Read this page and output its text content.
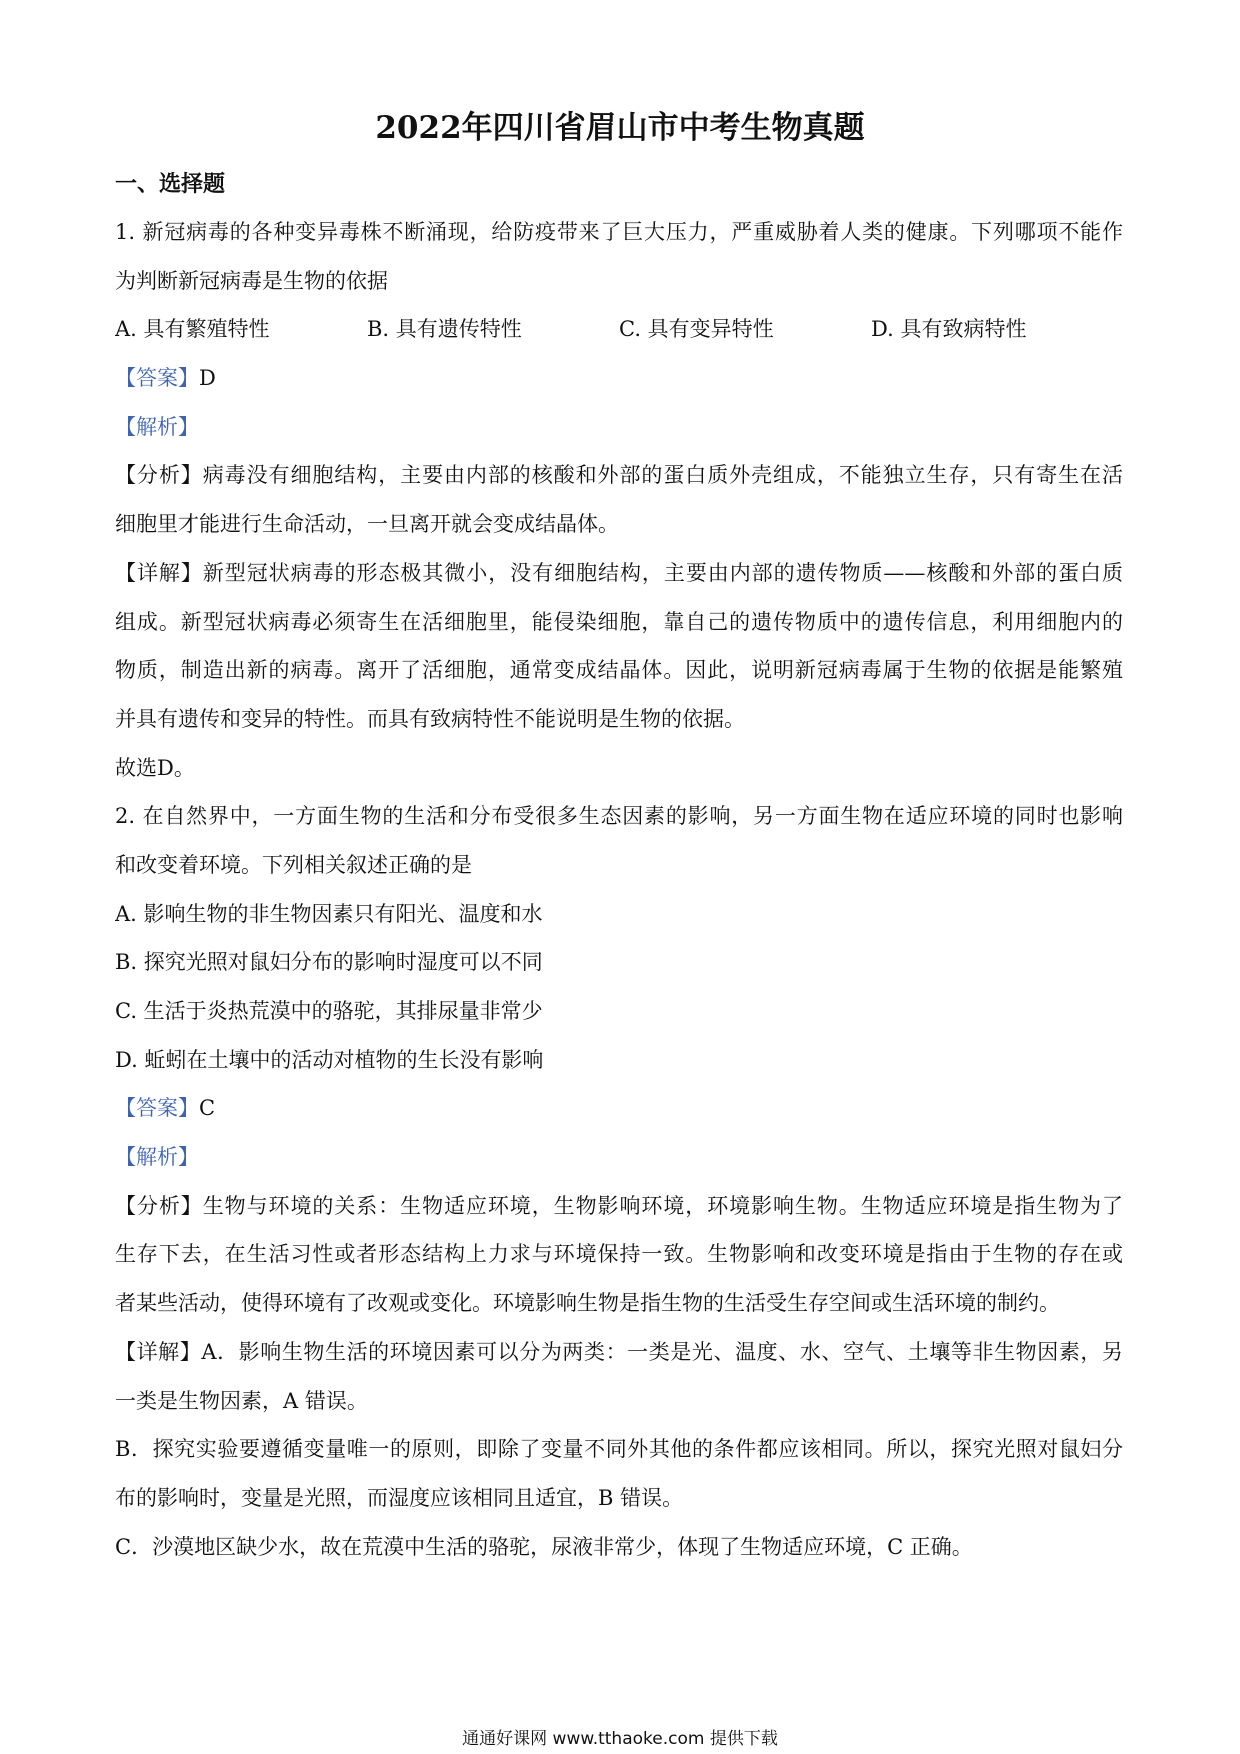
2022年四川省眉山市中考生物真题
一、选择题
1. 新冠病毒的各种变异毒株不断涌现，给防疫带来了巨大压力，严重威胁着人类的健康。下列哪项不能作
为判断新冠病毒是生物的依据
A. 具有繁殖特性	B. 具有遗传特性	C. 具有变异特性	D. 具有致病特性
【答案】D
【解析】
【分析】病毒没有细胞结构，主要由内部的核酸和外部的蛋白质外壳组成，不能独立生存，只有寄生在活
细胞里才能进行生命活动，一旦离开就会变成结晶体。
【详解】新型冠状病毒的形态极其微小，没有细胞结构，主要由内部的遗传物质——核酸和外部的蛋白质
组成。新型冠状病毒必须寄生在活细胞里，能侵染细胞，靠自己的遗传物质中的遗传信息，利用细胞内的
物质，制造出新的病毒。离开了活细胞，通常变成结晶体。因此，说明新冠病毒属于生物的依据是能繁殖
并具有遗传和变异的特性。而具有致病特性不能说明是生物的依据。
故选D。
2. 在自然界中，一方面生物的生活和分布受很多生态因素的影响，另一方面生物在适应环境的同时也影响
和改变着环境。下列相关叙述正确的是
A. 影响生物的非生物因素只有阳光、温度和水
B. 探究光照对鼠妇分布的影响时湿度可以不同
C. 生活于炎热荒漠中的骆驼，其排尿量非常少
D. 蚯蚓在土壤中的活动对植物的生长没有影响
【答案】C
【解析】
【分析】生物与环境的关系：生物适应环境，生物影响环境，环境影响生物。生物适应环境是指生物为了
生存下去，在生活习性或者形态结构上力求与环境保持一致。生物影响和改变环境是指由于生物的存在或
者某些活动，使得环境有了改观或变化。环境影响生物是指生物的生活受生存空间或生活环境的制约。
【详解】A．影响生物生活的环境因素可以分为两类：一类是光、温度、水、空气、土壤等非生物因素，另
一类是生物因素，A 错误。
B．探究实验要遵循变量唯一的原则，即除了变量不同外其他的条件都应该相同。所以，探究光照对鼠妇分
布的影响时，变量是光照，而湿度应该相同且适宜，B 错误。
C．沙漠地区缺少水，故在荒漠中生活的骆驼，尿液非常少，体现了生物适应环境，C 正确。
通通好课网 www.tthaoke.com 提供下载
